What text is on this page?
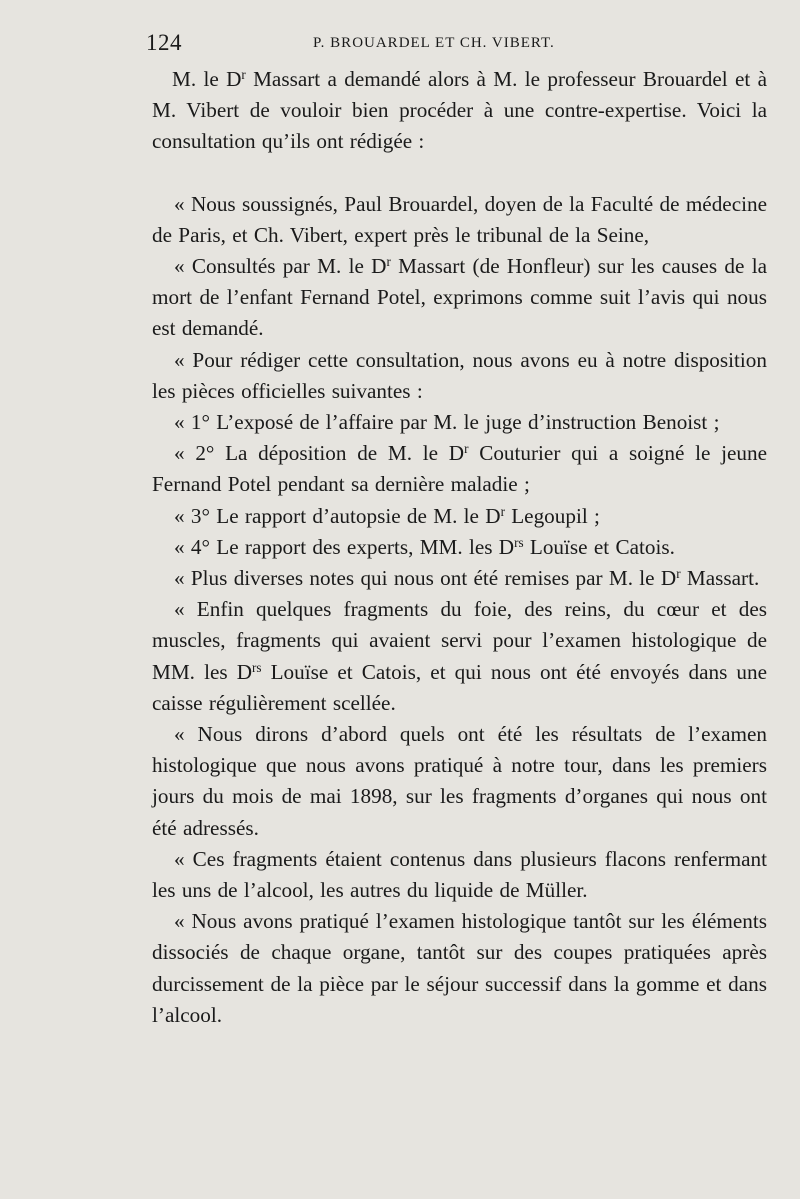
124	P. BROUARDEL ET CH. VIBERT.

M. le $D^r$ Massart a demandé alors à M. le professeur Brouardel et à M. Vibert de vouloir bien procéder à une contre-expertise. Voici la consultation qu’ils ont rédigée :

« Nous soussignés, Paul Brouardel, doyen de la Faculté de médecine de Paris, et Ch. Vibert, expert près le tribunal de la Seine,

« Consultés par M. le $D^r$ Massart (de Honfleur) sur les causes de la mort de l’enfant Fernand Potel, exprimons comme suit l’avis qui nous est demandé.

« Pour rédiger cette consultation, nous avons eu à notre disposition les pièces officielles suivantes :

« 1° L’exposé de l’affaire par M. le juge d’instruction Benoist ;

« 2° La déposition de M. le $D^r$ Couturier qui a soigné le jeune Fernand Potel pendant sa dernière maladie ;

« 3° Le rapport d’autopsie de M. le $D^r$ Legoupil ;

« 4° Le rapport des experts, MM. les $D^{rs}$ Louïse et Catois.

« Plus diverses notes qui nous ont été remises par M. le $D^r$ Massart.

« Enfin quelques fragments du foie, des reins, du cœur et des muscles, fragments qui avaient servi pour l’examen histologique de MM. les $D^{rs}$ Louïse et Catois, et qui nous ont été envoyés dans une caisse régulièrement scellée.

« Nous dirons d’abord quels ont été les résultats de l’examen histologique que nous avons pratiqué à notre tour, dans les premiers jours du mois de mai 1898, sur les fragments d’organes qui nous ont été adressés.

« Ces fragments étaient contenus dans plusieurs flacons renfermant les uns de l’alcool, les autres du liquide de Müller.

« Nous avons pratiqué l’examen histologique tantôt sur les éléments dissociés de chaque organe, tantôt sur des coupes pratiquées après durcissement de la pièce par le séjour successif dans la gomme et dans l’alcool.
